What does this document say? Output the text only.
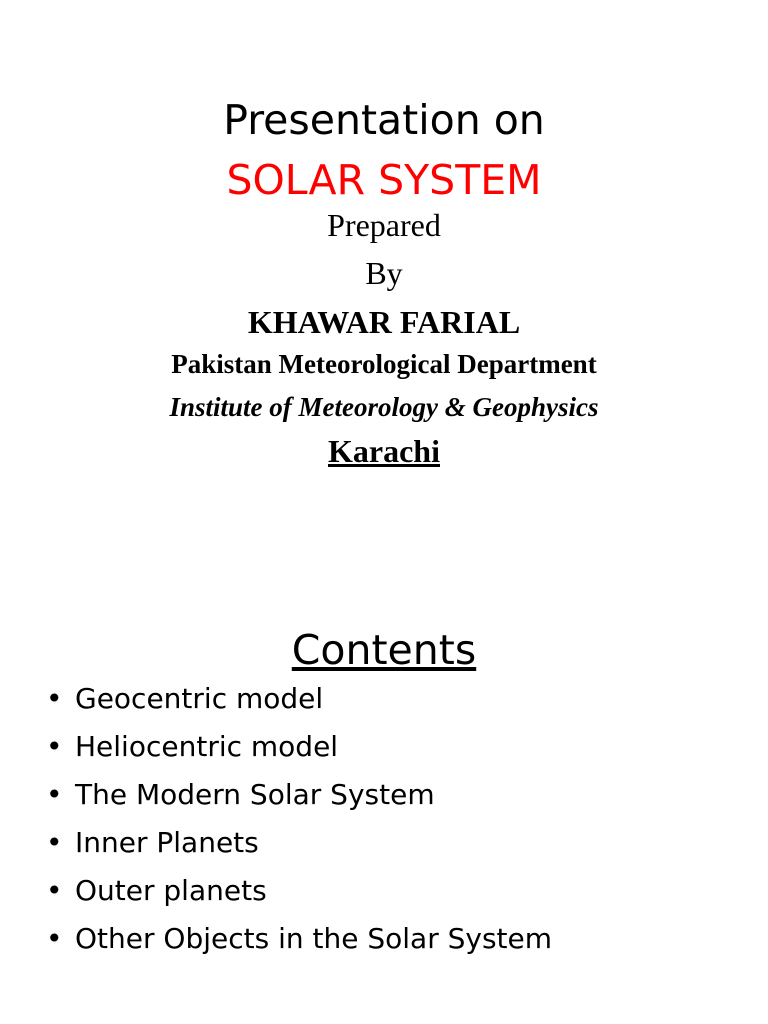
Presentation on
SOLAR SYSTEM
Prepared
By
KHAWAR FARIAL
Pakistan Meteorological Department
Institute of Meteorology & Geophysics
Karachi
Contents
• Geocentric model
• Heliocentric model
• The Modern Solar System
• Inner Planets
• Outer planets
• Other Objects in the Solar System
